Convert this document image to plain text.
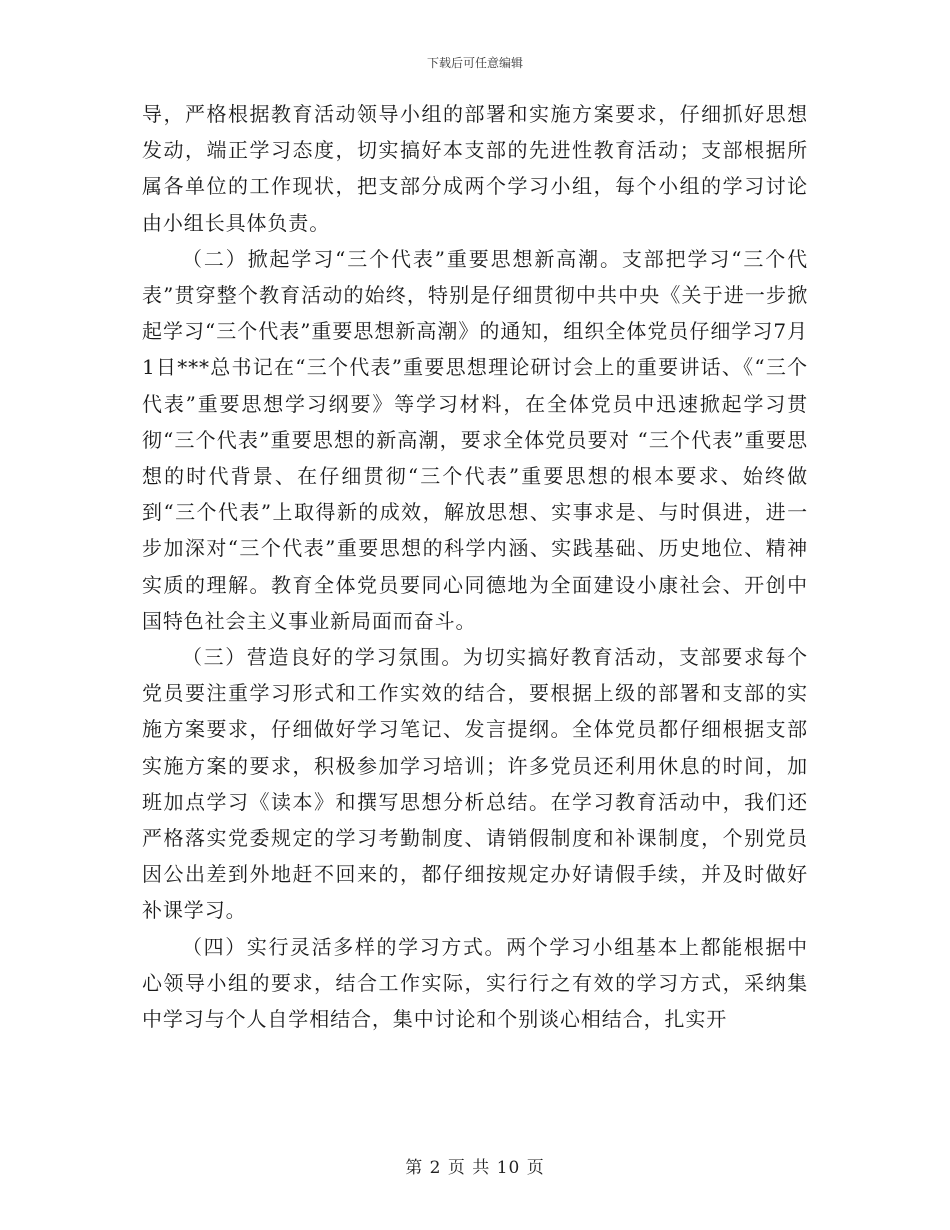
下载后可任意编辑

导，严格根据教育活动领导小组的部署和实施方案要求，仔细抓好思想发动，端正学习态度，切实搞好本支部的先进性教育活动；支部根据所属各单位的工作现状，把支部分成两个学习小组，每个小组的学习讨论由小组长具体负责。

（二）掀起学习“三个代表”重要思想新高潮。支部把学习“三个代表”贯穿整个教育活动的始终，特别是仔细贯彻中共中央《关于进一步掀起学习“三个代表”重要思想新高潮》的通知，组织全体党员仔细学习7月1日***总书记在“三个代表”重要思想理论研讨会上的重要讲话、《“三个代表”重要思想学习纲要》等学习材料，在全体党员中迅速掀起学习贯彻“三个代表”重要思想的新高潮，要求全体党员要对 “三个代表”重要思想的时代背景、在仔细贯彻“三个代表”重要思想的根本要求、始终做到“三个代表”上取得新的成效，解放思想、实事求是、与时俱进，进一步加深对“三个代表”重要思想的科学内涵、实践基础、历史地位、精神实质的理解。教育全体党员要同心同德地为全面建设小康社会、开创中国特色社会主义事业新局面而奋斗。

（三）营造良好的学习氛围。为切实搞好教育活动，支部要求每个党员要注重学习形式和工作实效的结合，要根据上级的部署和支部的实施方案要求，仔细做好学习笔记、发言提纲。全体党员都仔细根据支部实施方案的要求，积极参加学习培训；许多党员还利用休息的时间，加班加点学习《读本》和撰写思想分析总结。在学习教育活动中，我们还严格落实党委规定的学习考勤制度、请销假制度和补课制度，个别党员因公出差到外地赶不回来的，都仔细按规定办好请假手续，并及时做好补课学习。

（四）实行灵活多样的学习方式。两个学习小组基本上都能根据中心领导小组的要求，结合工作实际，实行行之有效的学习方式，采纳集中学习与个人自学相结合，集中讨论和个别谈心相结合，扎实开

第 2 页 共 10 页
